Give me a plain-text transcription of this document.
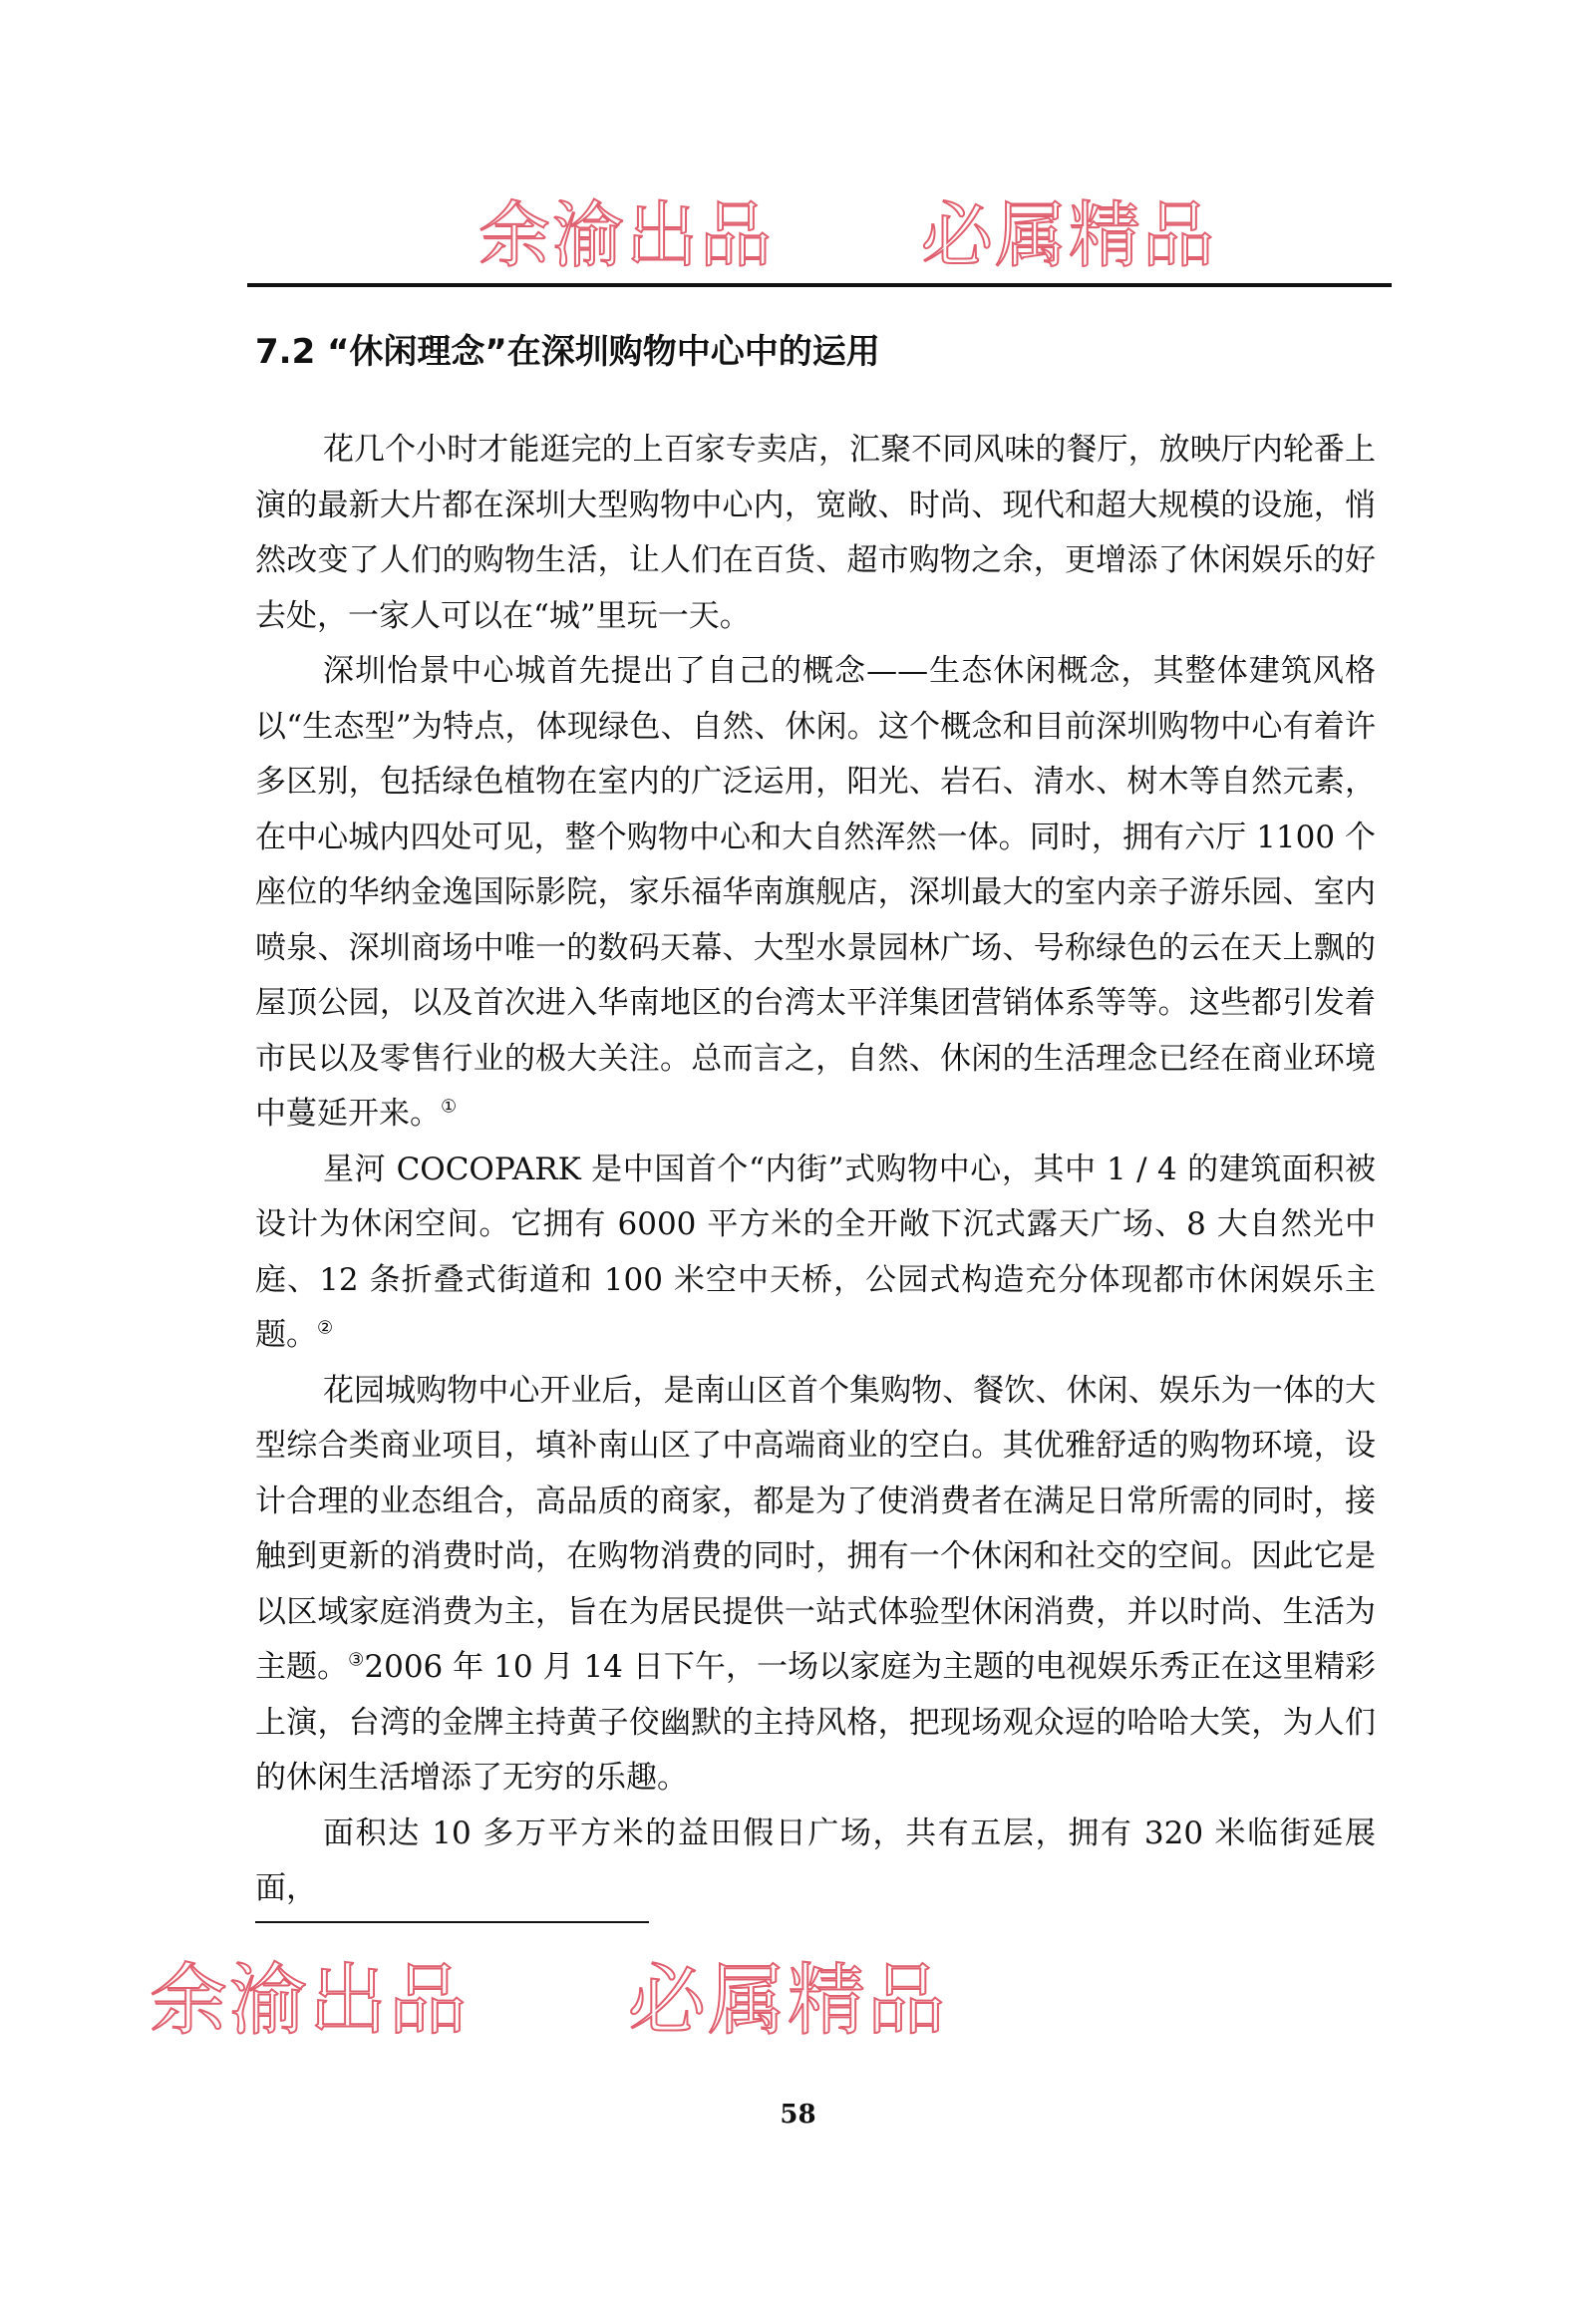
余渝出品　　必属精品
7.2 “休闲理念”在深圳购物中心中的运用

花几个小时才能逛完的上百家专卖店，汇聚不同风味的餐厅，放映厅内轮番上演的最新大片都在深圳大型购物中心内，宽敞、时尚、现代和超大规模的设施，悄然改变了人们的购物生活，让人们在百货、超市购物之余，更增添了休闲娱乐的好去处，一家人可以在“城”里玩一天。

深圳怡景中心城首先提出了自己的概念——生态休闲概念，其整体建筑风格以“生态型”为特点，体现绿色、自然、休闲。这个概念和目前深圳购物中心有着许多区别，包括绿色植物在室内的广泛运用，阳光、岩石、清水、树木等自然元素，在中心城内四处可见，整个购物中心和大自然浑然一体。同时，拥有六厅 1100 个座位的华纳金逸国际影院，家乐福华南旗舰店，深圳最大的室内亲子游乐园、室内喷泉、深圳商场中唯一的数码天幕、大型水景园林广场、号称绿色的云在天上飘的屋顶公园，以及首次进入华南地区的台湾太平洋集团营销体系等等。这些都引发着市民以及零售行业的极大关注。总而言之，自然、休闲的生活理念已经在商业环境中蔓延开来。①

星河 COCOPARK 是中国首个“内街”式购物中心，其中 1 / 4 的建筑面积被设计为休闲空间。它拥有 6000 平方米的全开敞下沉式露天广场、8 大自然光中庭、12 条折叠式街道和 100 米空中天桥，公园式构造充分体现都市休闲娱乐主题。②

花园城购物中心开业后，是南山区首个集购物、餐饮、休闲、娱乐为一体的大型综合类商业项目，填补南山区了中高端商业的空白。其优雅舒适的购物环境，设计合理的业态组合，高品质的商家，都是为了使消费者在满足日常所需的同时，接触到更新的消费时尚，在购物消费的同时，拥有一个休闲和社交的空间。因此它是以区域家庭消费为主，旨在为居民提供一站式体验型休闲消费，并以时尚、生活为主题。③2006 年 10 月 14 日下午，一场以家庭为主题的电视娱乐秀正在这里精彩上演，台湾的金牌主持黄子佼幽默的主持风格，把现场观众逗的哈哈大笑，为人们的休闲生活增添了无穷的乐趣。

面积达 10 多万平方米的益田假日广场，共有五层，拥有 320 米临街延展面，

余渝出品　　必属精品
58
